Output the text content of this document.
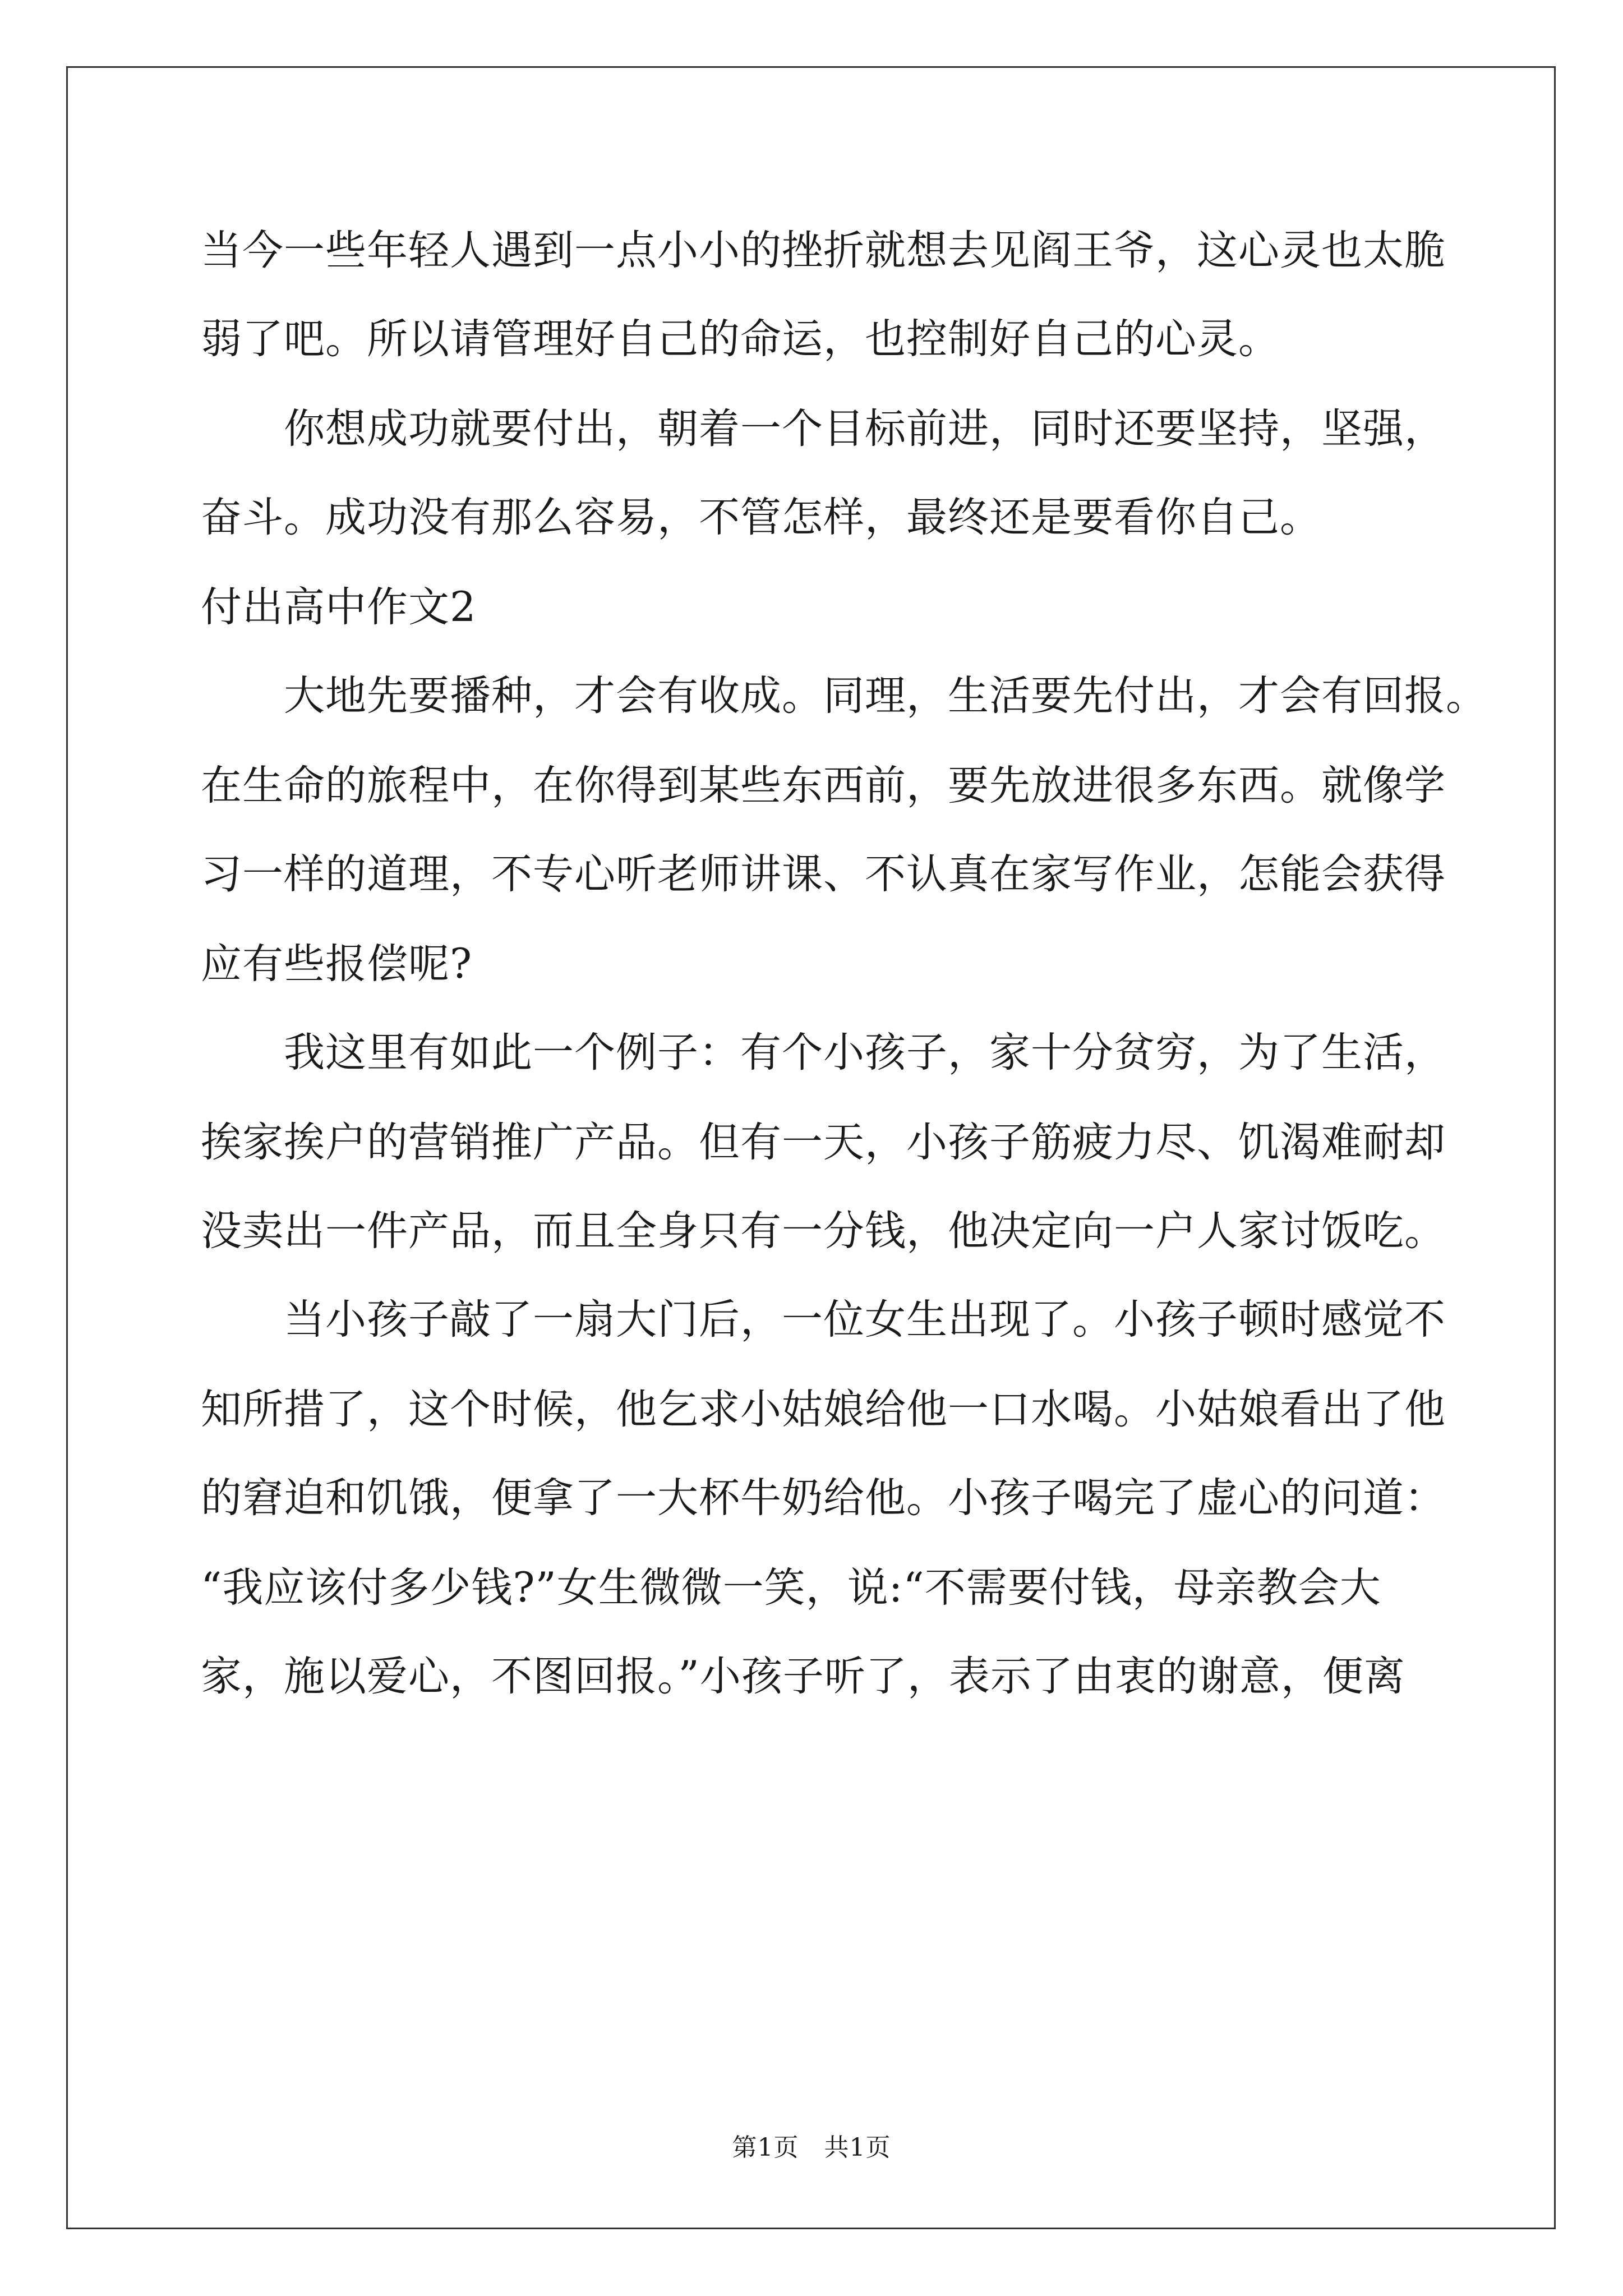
当今一些年轻人遇到一点小小的挫折就想去见阎王爷，这心灵也太脆
弱了吧。所以请管理好自己的命运，也控制好自己的心灵。
　　你想成功就要付出，朝着一个目标前进，同时还要坚持，坚强，
奋斗。成功没有那么容易，不管怎样，最终还是要看你自己。
付出高中作文2
　　大地先要播种，才会有收成。同理，生活要先付出，才会有回报。
在生命的旅程中，在你得到某些东西前，要先放进很多东西。就像学
习一样的道理，不专心听老师讲课、不认真在家写作业，怎能会获得
应有些报偿呢?
　　我这里有如此一个例子：有个小孩子，家十分贫穷，为了生活，
挨家挨户的营销推广产品。但有一天，小孩子筋疲力尽、饥渴难耐却
没卖出一件产品，而且全身只有一分钱，他决定向一户人家讨饭吃。
　　当小孩子敲了一扇大门后，一位女生出现了。小孩子顿时感觉不
知所措了，这个时候，他乞求小姑娘给他一口水喝。小姑娘看出了他
的窘迫和饥饿，便拿了一大杯牛奶给他。小孩子喝完了虚心的问道：
“我应该付多少钱?”女生微微一笑，说:“不需要付钱，母亲教会大
家，施以爱心，不图回报。”小孩子听了，表示了由衷的谢意，便离
第1页　共1页
